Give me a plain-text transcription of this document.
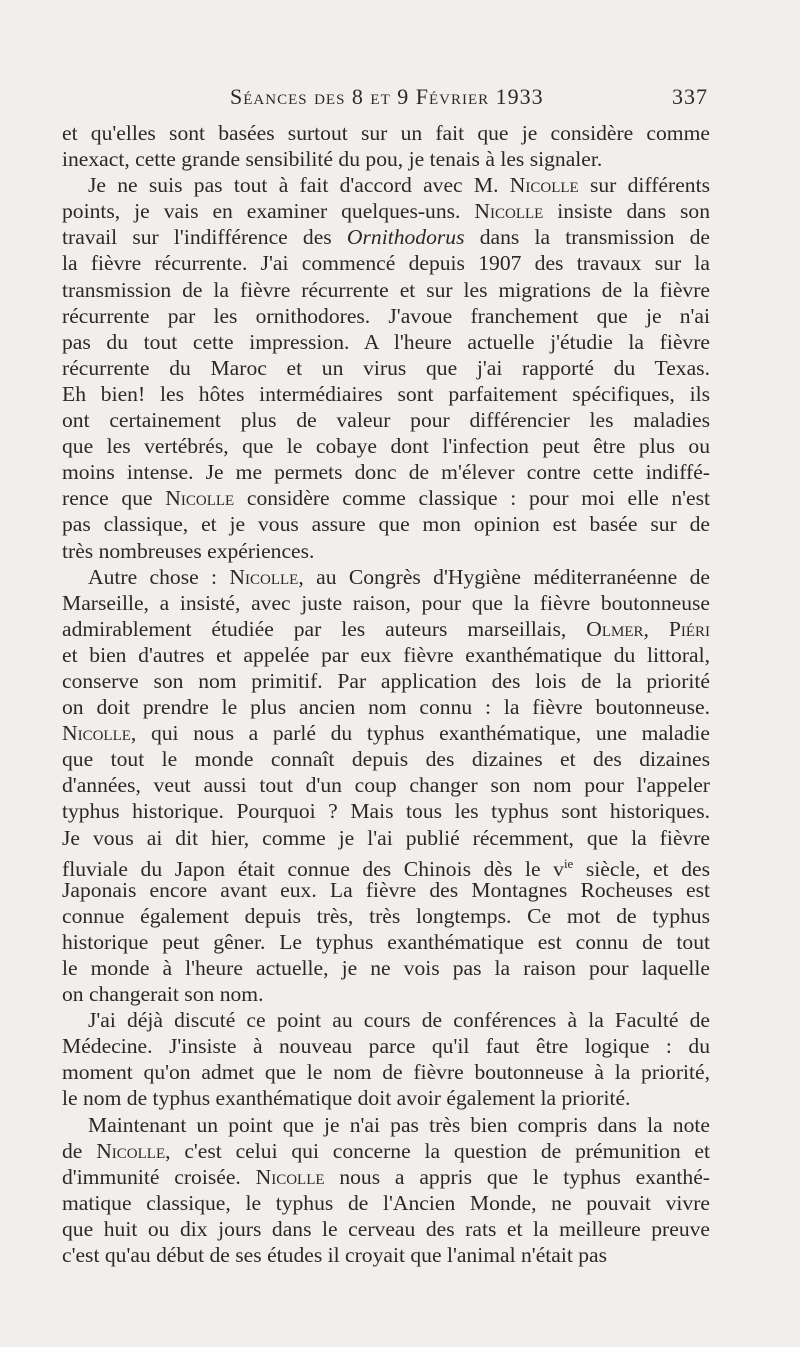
Séances des 8 et 9 Février 1933	337
et qu'elles sont basées surtout sur un fait que je considère comme
inexact, cette grande sensibilité du pou, je tenais à les signaler.
Je ne suis pas tout à fait d'accord avec M. Nicolle sur différents
points, je vais en examiner quelques-uns. Nicolle insiste dans son
travail sur l'indifférence des Ornithodorus dans la transmission de
la fièvre récurrente. J'ai commencé depuis 1907 des travaux sur la
transmission de la fièvre récurrente et sur les migrations de la fièvre
récurrente par les ornithodores. J'avoue franchement que je n'ai
pas du tout cette impression. A l'heure actuelle j'étudie la fièvre
récurrente du Maroc et un virus que j'ai rapporté du Texas.
Eh bien! les hôtes intermédiaires sont parfaitement spécifiques, ils
ont certainement plus de valeur pour différencier les maladies
que les vertébrés, que le cobaye dont l'infection peut être plus ou
moins intense. Je me permets donc de m'élever contre cette indiffé-
rence que Nicolle considère comme classique : pour moi elle n'est
pas classique, et je vous assure que mon opinion est basée sur de
très nombreuses expériences.
Autre chose : Nicolle, au Congrès d'Hygiène méditerranéenne de
Marseille, a insisté, avec juste raison, pour que la fièvre boutonneuse
admirablement étudiée par les auteurs marseillais, Olmer, Piéri
et bien d'autres et appelée par eux fièvre exanthématique du littoral,
conserve son nom primitif. Par application des lois de la priorité
on doit prendre le plus ancien nom connu : la fièvre boutonneuse.
Nicolle, qui nous a parlé du typhus exanthématique, une maladie
que tout le monde connaît depuis des dizaines et des dizaines
d'années, veut aussi tout d'un coup changer son nom pour l'appeler
typhus historique. Pourquoi ? Mais tous les typhus sont historiques.
Je vous ai dit hier, comme je l'ai publié récemment, que la fièvre
fluviale du Japon était connue des Chinois dès le $v^{ie}$ siècle, et des
Japonais encore avant eux. La fièvre des Montagnes Rocheuses est
connue également depuis très, très longtemps. Ce mot de typhus
historique peut gêner. Le typhus exanthématique est connu de tout
le monde à l'heure actuelle, je ne vois pas la raison pour laquelle
on changerait son nom.
J'ai déjà discuté ce point au cours de conférences à la Faculté de
Médecine. J'insiste à nouveau parce qu'il faut être logique : du
moment qu'on admet que le nom de fièvre boutonneuse à la priorité,
le nom de typhus exanthématique doit avoir également la priorité.
Maintenant un point que je n'ai pas très bien compris dans la note
de Nicolle, c'est celui qui concerne la question de prémunition et
d'immunité croisée. Nicolle nous a appris que le typhus exanthé-
matique classique, le typhus de l'Ancien Monde, ne pouvait vivre
que huit ou dix jours dans le cerveau des rats et la meilleure preuve
c'est qu'au début de ses études il croyait que l'animal n'était pas
